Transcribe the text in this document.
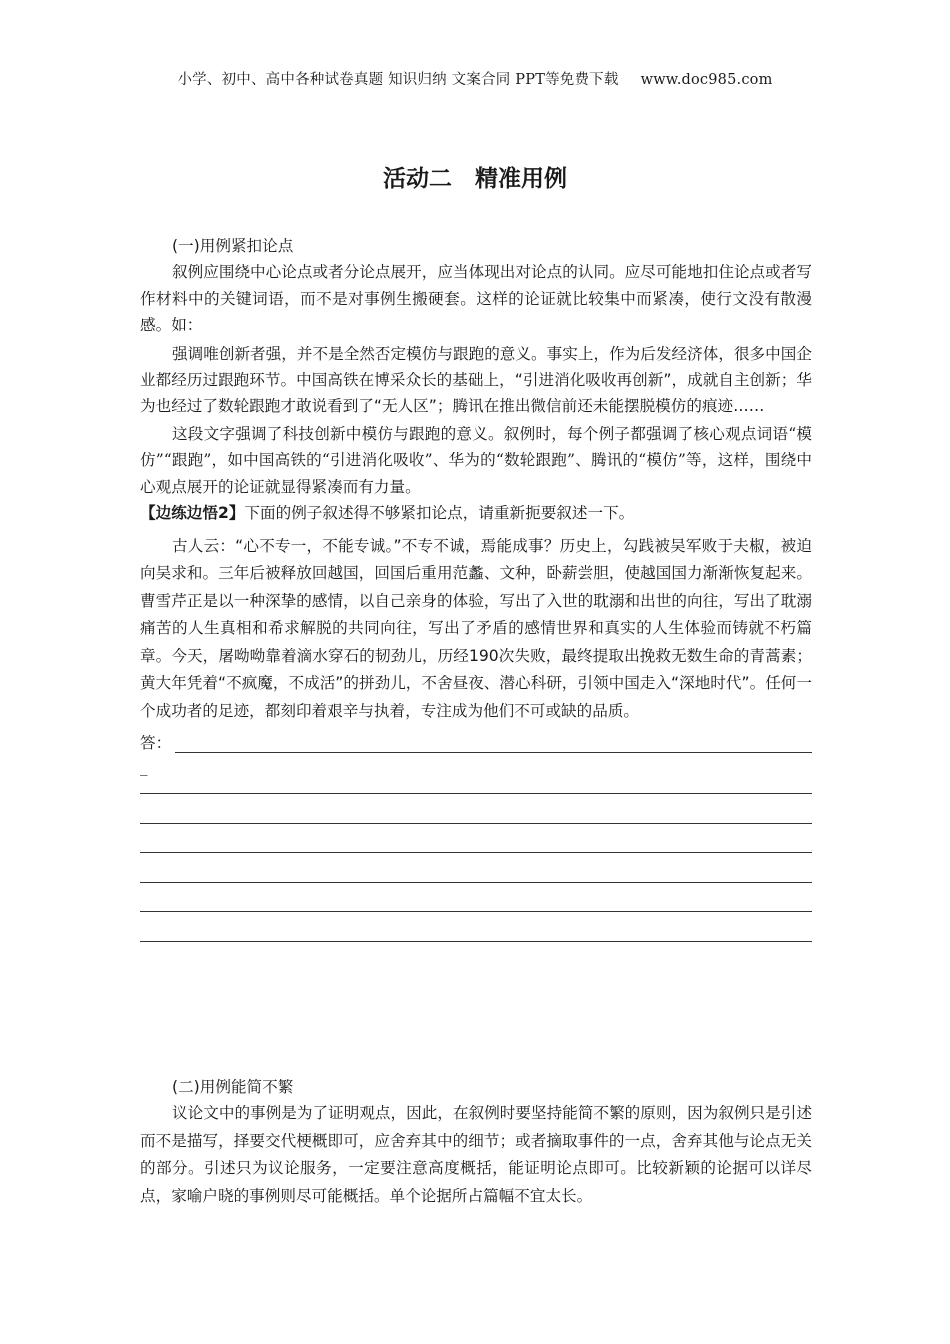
小学、初中、高中各种试卷真题 知识归纳 文案合同 PPT等免费下载 www.doc985.com
活动二　精准用例
(一)用例紧扣论点

叙例应围绕中心论点或者分论点展开，应当体现出对论点的认同。应尽可能地扣住论点或者写作材料中的关键词语，而不是对事例生搬硬套。这样的论证就比较集中而紧凑，使行文没有散漫感。如：

强调唯创新者强，并不是全然否定模仿与跟跑的意义。事实上，作为后发经济体，很多中国企业都经历过跟跑环节。中国高铁在博采众长的基础上，“引进消化吸收再创新”，成就自主创新；华为也经过了数轮跟跑才敢说看到了“无人区”；腾讯在推出微信前还未能摆脱模仿的痕迹……

这段文字强调了科技创新中模仿与跟跑的意义。叙例时，每个例子都强调了核心观点词语“模仿”“跟跑”，如中国高铁的“引进消化吸收”、华为的“数轮跟跑”、腾讯的“模仿”等，这样，围绕中心观点展开的论证就显得紧凑而有力量。

【边练边悟2】下面的例子叙述得不够紧扣论点，请重新扼要叙述一下。

古人云：“心不专一，不能专诚。”不专不诚，焉能成事？历史上，勾践被吴军败于夫椒，被迫向吴求和。三年后被释放回越国，回国后重用范蠡、文种，卧薪尝胆，使越国国力渐渐恢复起来。曹雪芹正是以一种深挚的感情，以自己亲身的体验，写出了入世的耽溺和出世的向往，写出了耽溺痛苦的人生真相和希求解脱的共同向往，写出了矛盾的感情世界和真实的人生体验而铸就不朽篇章。今天，屠呦呦靠着滴水穿石的韧劲儿，历经190次失败，最终提取出挽救无数生命的青蒿素；黄大年凭着“不疯魔，不成活”的拼劲儿，不舍昼夜、潜心科研，引领中国走入“深地时代”。任何一个成功者的足迹，都刻印着艰辛与执着，专注成为他们不可或缺的品质。

答：
_
(二)用例能简不繁

议论文中的事例是为了证明观点，因此，在叙例时要坚持能简不繁的原则，因为叙例只是引述而不是描写，择要交代梗概即可，应舍弃其中的细节；或者摘取事件的一点，舍弃其他与论点无关的部分。引述只为议论服务，一定要注意高度概括，能证明论点即可。比较新颖的论据可以详尽点，家喻户晓的事例则尽可能概括。单个论据所占篇幅不宜太长。
